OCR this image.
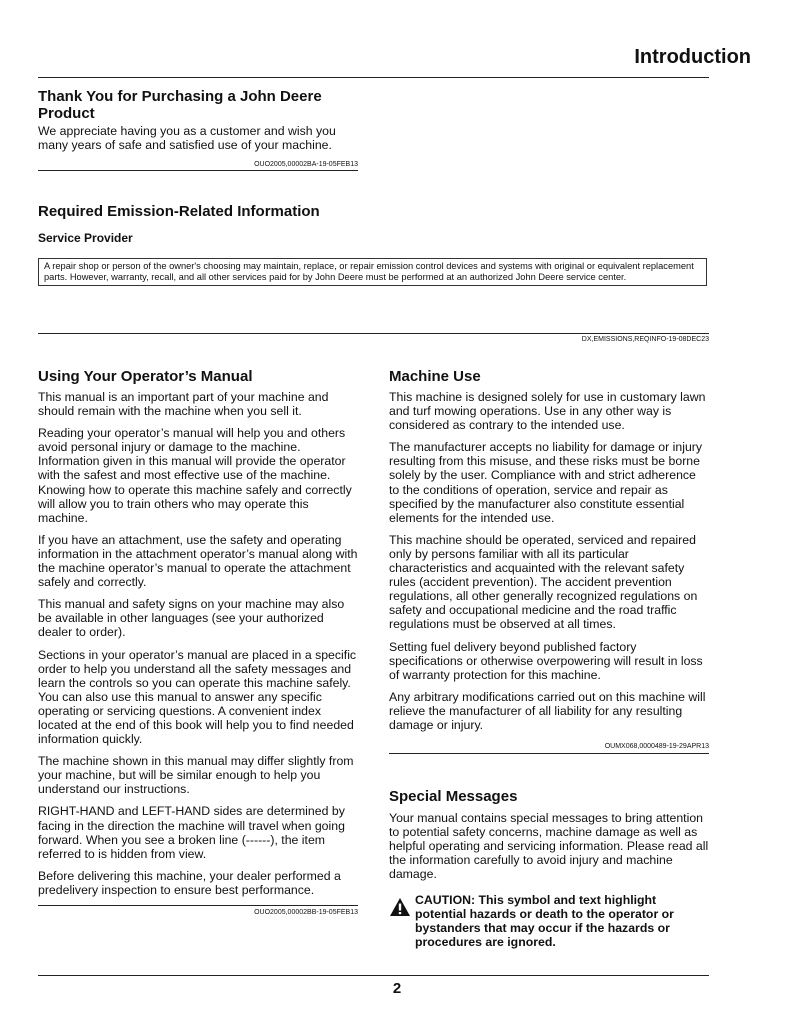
Introduction
Thank You for Purchasing a John Deere
Product

We appreciate having you as a customer and wish you many years of safe and satisfied use of your machine.

OUO2005,00002BA-19-05FEB13
Required Emission-Related Information
Service Provider
A repair shop or person of the owner's choosing may maintain, replace, or repair emission control devices and systems with original or equivalent replacement parts. However, warranty, recall, and all other services paid for by John Deere must be performed at an authorized John Deere service center.
DX,EMISSIONS,REQINFO-19-08DEC23
Using Your Operator’s Manual

This manual is an important part of your machine and should remain with the machine when you sell it.

Reading your operator’s manual will help you and others avoid personal injury or damage to the machine. Information given in this manual will provide the operator with the safest and most effective use of the machine. Knowing how to operate this machine safely and correctly will allow you to train others who may operate this machine.

If you have an attachment, use the safety and operating information in the attachment operator’s manual along with the machine operator’s manual to operate the attachment safely and correctly.

This manual and safety signs on your machine may also be available in other languages (see your authorized dealer to order).

Sections in your operator’s manual are placed in a specific order to help you understand all the safety messages and learn the controls so you can operate this machine safely. You can also use this manual to answer any specific operating or servicing questions. A convenient index located at the end of this book will help you to find needed information quickly.

The machine shown in this manual may differ slightly from your machine, but will be similar enough to help you understand our instructions.

RIGHT-HAND and LEFT-HAND sides are determined by facing in the direction the machine will travel when going forward. When you see a broken line (------), the item referred to is hidden from view.

Before delivering this machine, your dealer performed a predelivery inspection to ensure best performance.

OUO2005,00002BB-19-05FEB13
Machine Use

This machine is designed solely for use in customary lawn and turf mowing operations. Use in any other way is considered as contrary to the intended use.

The manufacturer accepts no liability for damage or injury resulting from this misuse, and these risks must be borne solely by the user. Compliance with and strict adherence to the conditions of operation, service and repair as specified by the manufacturer also constitute essential elements for the intended use.

This machine should be operated, serviced and repaired only by persons familiar with all its particular characteristics and acquainted with the relevant safety rules (accident prevention). The accident prevention regulations, all other generally recognized regulations on safety and occupational medicine and the road traffic regulations must be observed at all times.

Setting fuel delivery beyond published factory specifications or otherwise overpowering will result in loss of warranty protection for this machine.

Any arbitrary modifications carried out on this machine will relieve the manufacturer of all liability for any resulting damage or injury.

OUMX068,0000489-19-29APR13
Special Messages

Your manual contains special messages to bring attention to potential safety concerns, machine damage as well as helpful operating and servicing information. Please read all the information carefully to avoid injury and machine damage.

CAUTION: This symbol and text highlight potential hazards or death to the operator or bystanders that may occur if the hazards or procedures are ignored.
2
